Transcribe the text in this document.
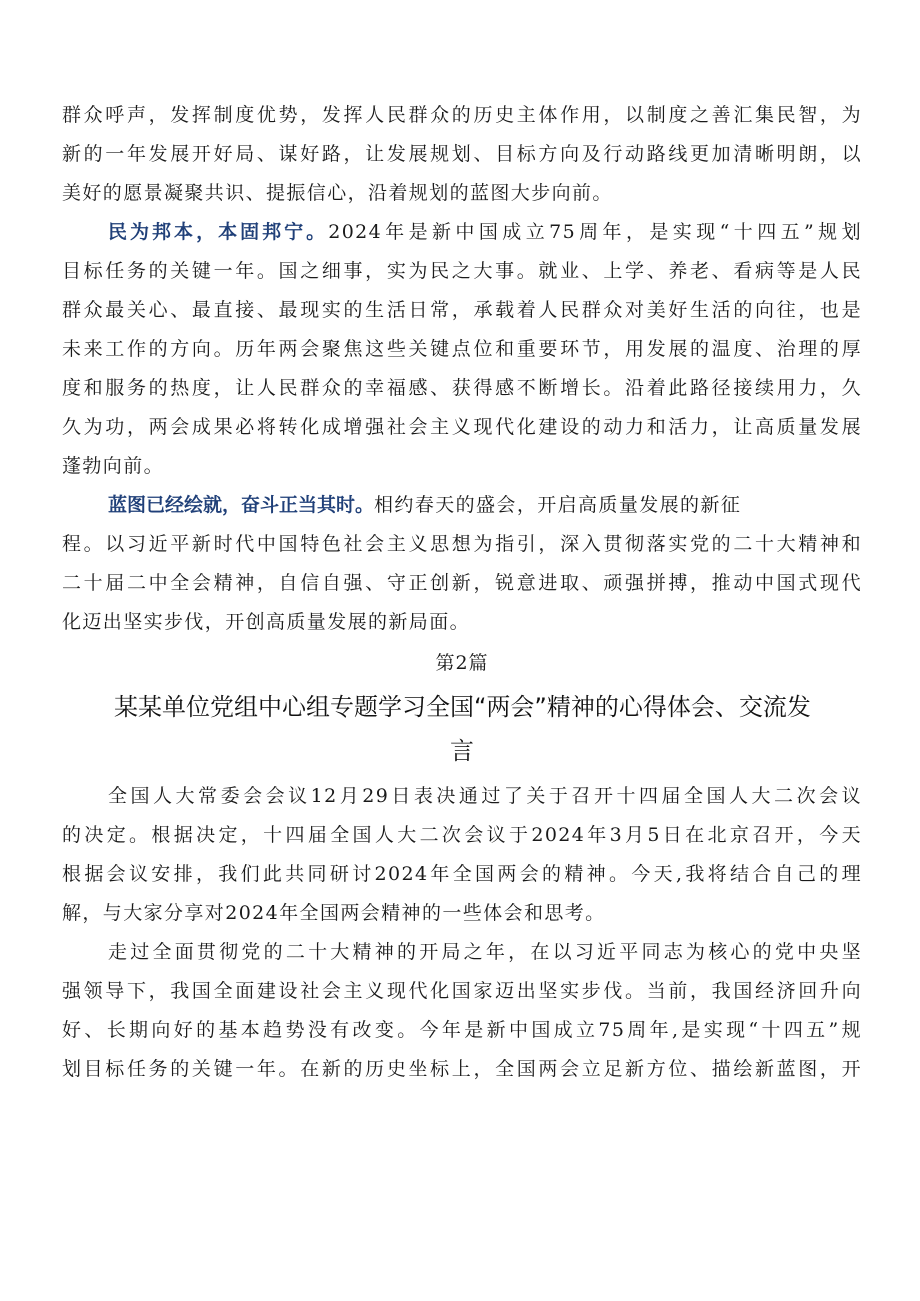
群众呼声，发挥制度优势，发挥人民群众的历史主体作用，以制度之善汇集民智，为
新的一年发展开好局、谋好路，让发展规划、目标方向及行动路线更加清晰明朗，以
美好的愿景凝聚共识、提振信心，沿着规划的蓝图大步向前。
民为邦本，本固邦宁。2024年是新中国成立75周年，是实现“十四五”规划
目标任务的关键一年。国之细事，实为民之大事。就业、上学、养老、看病等是人民
群众最关心、最直接、最现实的生活日常，承载着人民群众对美好生活的向往，也是
未来工作的方向。历年两会聚焦这些关键点位和重要环节，用发展的温度、治理的厚
度和服务的热度，让人民群众的幸福感、获得感不断增长。沿着此路径接续用力，久
久为功，两会成果必将转化成增强社会主义现代化建设的动力和活力，让高质量发展
蓬勃向前。
蓝图已经绘就，奋斗正当其时。相约春天的盛会，开启高质量发展的新征
程。以习近平新时代中国特色社会主义思想为指引，深入贯彻落实党的二十大精神和
二十届二中全会精神，自信自强、守正创新，锐意进取、顽强拼搏，推动中国式现代
化迈出坚实步伐，开创高质量发展的新局面。
第2篇
某某单位党组中心组专题学习全国“两会”精神的心得体会、交流发
言
全国人大常委会会议12月29日表决通过了关于召开十四届全国人大二次会议
的决定。根据决定，十四届全国人大二次会议于2024年3月5日在北京召开，今天
根据会议安排，我们此共同研讨2024年全国两会的精神。今天,我将结合自己的理
解，与大家分享对2024年全国两会精神的一些体会和思考。
走过全面贯彻党的二十大精神的开局之年，在以习近平同志为核心的党中央坚
强领导下，我国全面建设社会主义现代化国家迈出坚实步伐。当前，我国经济回升向
好、长期向好的基本趋势没有改变。今年是新中国成立75周年,是实现“十四五”规
划目标任务的关键一年。在新的历史坐标上，全国两会立足新方位、描绘新蓝图，开
